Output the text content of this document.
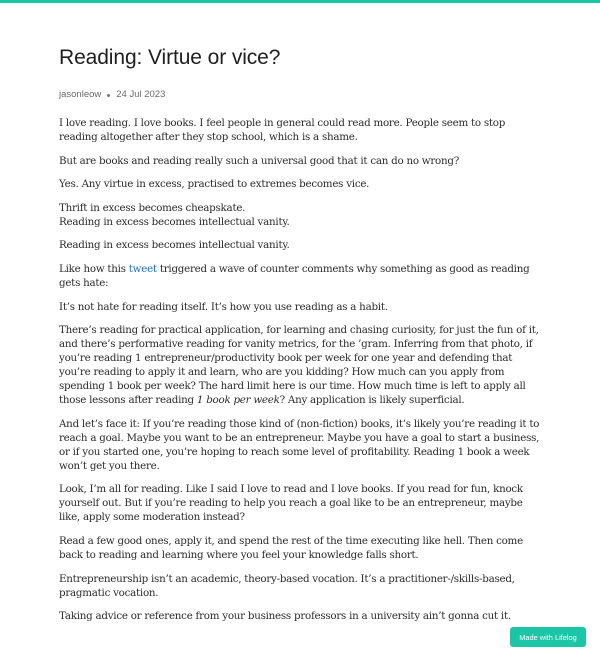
Reading: Virtue or vice?
jasonleow 24 Jul 2023

I love reading. I love books. I feel people in general could read more. People seem to stop reading altogether after they stop school, which is a shame.

But are books and reading really such a universal good that it can do no wrong?

Yes. Any virtue in excess, practised to extremes becomes vice.

Thrift in excess becomes cheapskate.
Reading in excess becomes intellectual vanity.

Reading in excess becomes intellectual vanity.

Like how this tweet triggered a wave of counter comments why something as good as reading gets hate:

It’s not hate for reading itself. It’s how you use reading as a habit.

There’s reading for practical application, for learning and chasing curiosity, for just the fun of it, and there’s performative reading for vanity metrics, for the ’gram. Inferring from that photo, if you’re reading 1 entrepreneur/productivity book per week for one year and defending that you’re reading to apply it and learn, who are you kidding? How much can you apply from spending 1 book per week? The hard limit here is our time. How much time is left to apply all those lessons after reading 1 book per week? Any application is likely superficial.

And let’s face it: If you’re reading those kind of (non-fiction) books, it’s likely you’re reading it to reach a goal. Maybe you want to be an entrepreneur. Maybe you have a goal to start a business, or if you started one, you’re hoping to reach some level of profitability. Reading 1 book a week won’t get you there.

Look, I’m all for reading. Like I said I love to read and I love books. If you read for fun, knock yourself out. But if you’re reading to help you reach a goal like to be an entrepreneur, maybe like, apply some moderation instead?

Read a few good ones, apply it, and spend the rest of the time executing like hell. Then come back to reading and learning where you feel your knowledge falls short.

Entrepreneurship isn’t an academic, theory-based vocation. It’s a practitioner-/skills-based, pragmatic vocation.

Taking advice or reference from your business professors in a university ain’t gonna cut it.

Made with Lifelog
